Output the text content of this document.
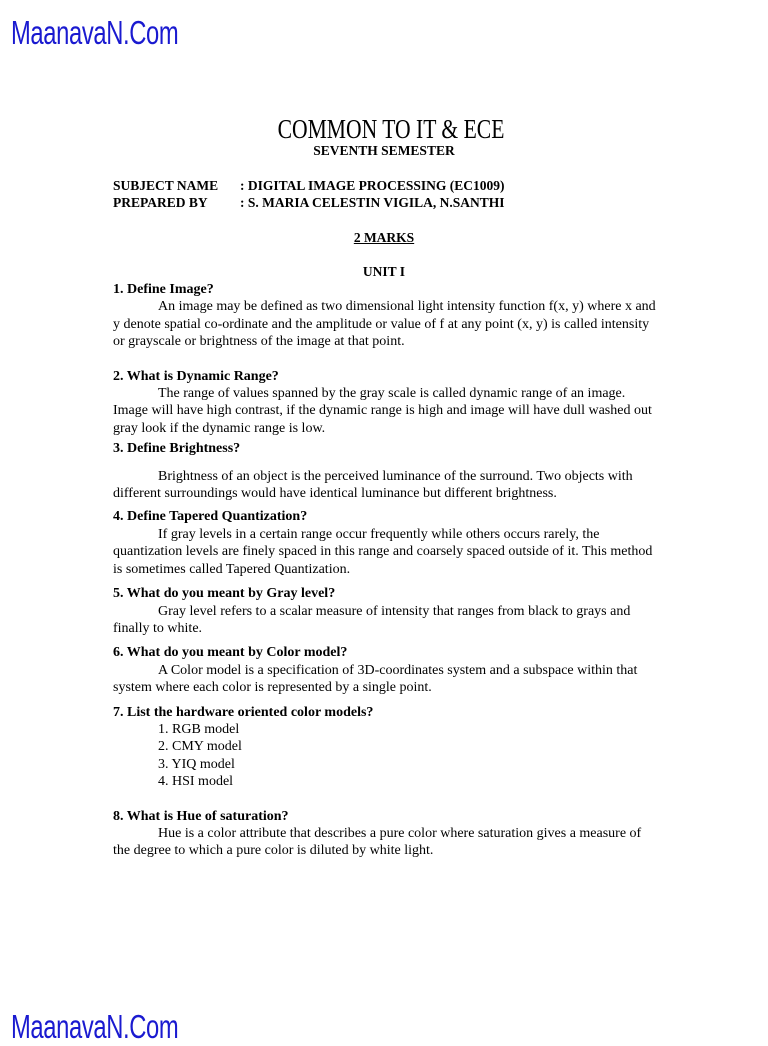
MaanavaN.Com
COMMON TO IT & ECE
SEVENTH SEMESTER
SUBJECT NAME : DIGITAL IMAGE PROCESSING (EC1009)
PREPARED BY : S. MARIA CELESTIN VIGILA, N.SANTHI
2 MARKS
UNIT I
1. Define Image?
An image may be defined as two dimensional light intensity function f(x, y) where x and y denote spatial co-ordinate and the amplitude or value of f at any point (x, y) is called intensity or grayscale or brightness of the image at that point.
2. What is Dynamic Range?
The range of values spanned by the gray scale is called dynamic range of an image. Image will have high contrast, if the dynamic range is high and image will have dull washed out gray look if the dynamic range is low.
3. Define Brightness?
Brightness of an object is the perceived luminance of the surround. Two objects with different surroundings would have identical luminance but different brightness.
4. Define Tapered Quantization?
If gray levels in a certain range occur frequently while others occurs rarely, the quantization levels are finely spaced in this range and coarsely spaced outside of it. This method is sometimes called Tapered Quantization.
5. What do you meant by Gray level?
Gray level refers to a scalar measure of intensity that ranges from black to grays and finally to white.
6. What do you meant by Color model?
A Color model is a specification of 3D-coordinates system and a subspace within that system where each color is represented by a single point.
7. List the hardware oriented color models?
1. RGB model
2. CMY model
3. YIQ model
4. HSI model
8. What is Hue of saturation?
Hue is a color attribute that describes a pure color where saturation gives a measure of the degree to which a pure color is diluted by white light.
MaanavaN.Com
